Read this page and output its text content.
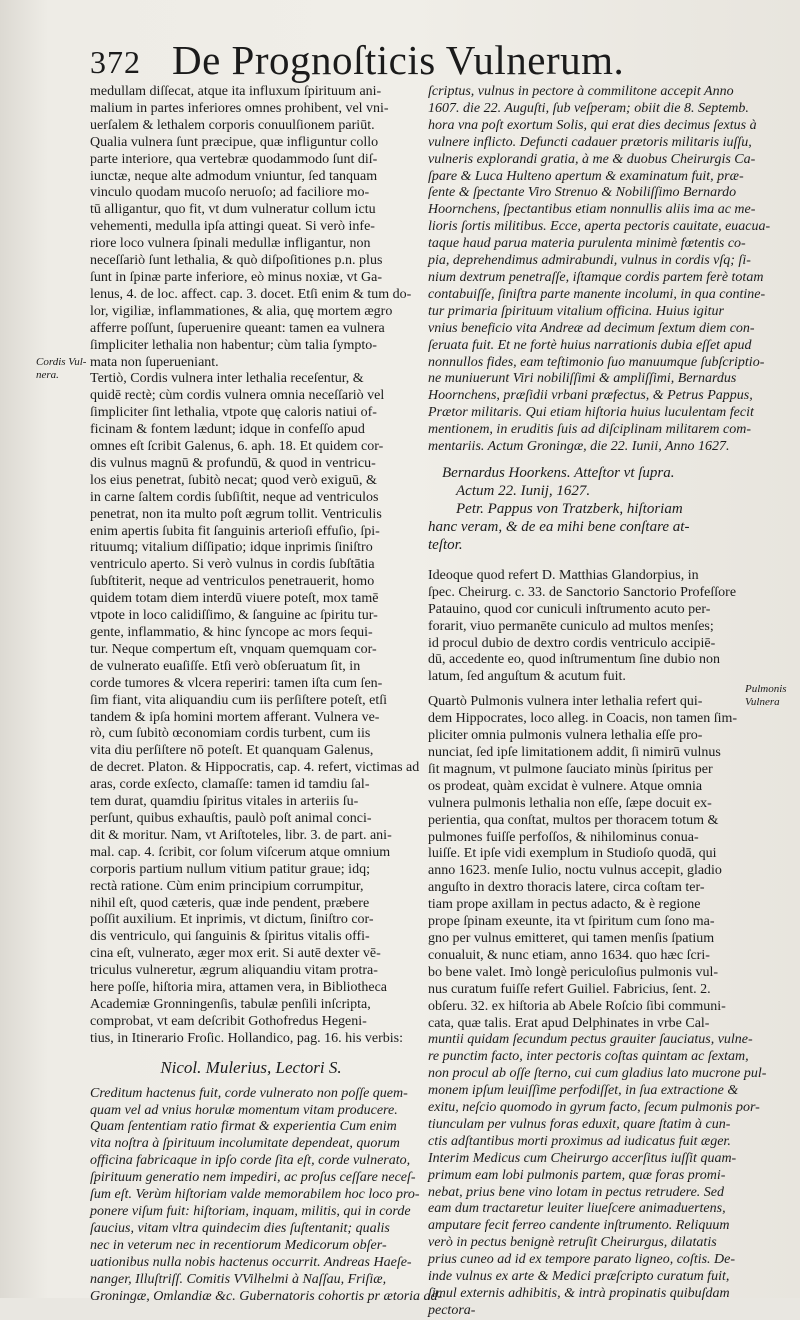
372 De Prognoſticis Vulnerum.
Cordis Vul-
nera.
Pulmonis
Vulnera
medullam diſſecat, atque ita influxum ſpirituum ani-
malium in partes inferiores omnes prohibent, vel vni-
uerſalem & lethalem corporis conuulſionem pariūt.
Qualia vulnera ſunt præcipue, quæ infliguntur collo
parte interiore, qua vertebræ quodammodo ſunt diſ-
iunctæ, neque alte admodum vniuntur, ſed tanquam
vinculo quodam mucoſo neruoſo; ad faciliore mo-
tū alligantur, quo fit, vt dum vulneratur collum ictu
vehementi, medulla ipſa attingi queat. Si verò infe-
riore loco vulnera ſpinali medullæ infligantur, non
neceſſariò ſunt lethalia, & quò diſpoſitiones p.n. plus
ſunt in ſpinæ parte inferiore, eò minus noxiæ, vt Ga-
lenus, 4. de loc. affect. cap. 3. docet. Etſi enim & tum do-
lor, vigiliæ, inflammationes, & alia, quę mortem ægro
afferre poſſunt, ſuperuenire queant: tamen ea vulnera
ſimpliciter lethalia non habentur; cùm talia ſympto-
mata non ſuperueniant.
Tertiò, Cordis vulnera inter lethalia receſentur, &
quidē rectè; cùm cordis vulnera omnia neceſſariò vel
ſimpliciter ſint lethalia, vtpote quę caloris natiui of-
ficinam & fontem lædunt; idque in confeſſo apud
omnes eſt ſcribit Galenus, 6. aph. 18. Et quidem cor-
dis vulnus magnū & profundū, & quod in ventricu-
los eius penetrat, ſubitò necat; quod verò exiguū, &
in carne ſaltem cordis ſubſiſtit, neque ad ventriculos
penetrat, non ita multo poſt ægrum tollit. Ventriculis
enim apertis ſubita fit ſanguinis arterioſi effuſio, ſpi-
rituumq; vitalium diſſipatio; idque inprimis ſiniſtro
ventriculo aperto. Si verò vulnus in cordis ſubſtātia
ſubſtiterit, neque ad ventriculos penetrauerit, homo
quidem totam diem interdū viuere poteſt, mox tamē
vtpote in loco calidiſſimo, & ſanguine ac ſpiritu tur-
gente, inflammatio, & hinc ſyncope ac mors ſequi-
tur. Neque compertum eſt, vnquam quemquam cor-
de vulnerato euaſiſſe. Etſi verò obſeruatum ſit, in
corde tumores & vlcera reperiri: tamen iſta cum ſen-
ſim fiant, vita aliquandiu cum iis perſiſtere poteſt, etſi
tandem & ipſa homini mortem afferant. Vulnera ve-
rò, cum ſubitò œconomiam cordis turbent, cum iis
vita diu perſiſtere nō poteſt. Et quanquam Galenus,
de decret. Platon. & Hippocratis, cap. 4. refert, victimas ad
aras, corde exſecto, clamaſſe: tamen id tamdiu ſal-
tem durat, quamdiu ſpiritus vitales in arteriis ſu-
perſunt, quibus exhauſtis, paulò poſt animal conci-
dit & moritur. Nam, vt Ariſtoteles, libr. 3. de part. ani-
mal. cap. 4. ſcribit, cor ſolum viſcerum atque omnium
corporis partium nullum vitium patitur graue; idq;
rectà ratione. Cùm enim principium corrumpitur,
nihil eſt, quod cæteris, quæ inde pendent, præbere
poſſit auxilium. Et inprimis, vt dictum, ſiniſtro cor-
dis ventriculo, qui ſanguinis & ſpiritus vitalis offi-
cina eſt, vulnerato, æger mox erit. Si autē dexter vē-
triculus vulneretur, ægrum aliquandiu vitam protra-
here poſſe, hiſtoria mira, attamen vera, in Bibliotheca
Academiæ Gronningenſis, tabulæ penſili inſcripta,
comprobat, vt eam deſcribit Gothofredus Hegeni-
tius, in Itinerario Froſic. Hollandico, pag. 16. his verbis:
Nicol. Mulerius, Lectori S.
Creditum hactenus fuit, corde vulnerato non poſſe quem-
quam vel ad vnius horulæ momentum vitam producere.
Quam ſententiam ratio firmat & experientia Cum enim
vita noſtra à ſpirituum incolumitate dependeat, quorum
officina fabricaque in ipſo corde ſita eſt, corde vulnerato,
ſpirituum generatio nem impediri, ac proſus ceſſare neceſ-
ſum eſt. Verùm hiſtoriam valde memorabilem hoc loco pro-
ponere viſum fuit: hiſtoriam, inquam, militis, qui in corde
ſaucius, vitam vltra quindecim dies ſuſtentanit; qualis
nec in veterum nec in recentiorum Medicorum obſer-
uationibus nulla nobis hactenus occurrit. Andreas Haeſe-
nanger, Illuſtriſſ. Comitis VVilhelmi à Naſſau, Friſiæ,
Groningæ, Omlandiæ &c. Gubernatoris cohortis pr ætoria ad-
ſcriptus, vulnus in pectore à commilitone accepit Anno
1607. die 22. Auguſti, ſub veſperam; obiit die 8. Septemb.
hora vna poſt exortum Solis, qui erat dies decimus ſextus à
vulnere inflicto. Defuncti cadauer prætoris militaris iuſſu,
vulneris explorandi gratia, à me & duobus Cheirurgis Ca-
ſpare & Luca Hulteno apertum & examinatum fuit, præ-
ſente & ſpectante Viro Strenuo & Nobiliſſimo Bernardo
Hoornchens, ſpectantibus etiam nonnullis aliis ima ac me-
lioris ſortis militibus. Ecce, aperta pectoris cauitate, euacua-
taque haud parua materia purulenta minimè fœtentis co-
pia, deprehendimus admirabundi, vulnus in cordis vſq; ſi-
nium dextrum penetraſſe, iſtamque cordis partem ferè totam
contabuiſſe, ſiniſtra parte manente incolumi, in qua contine-
tur primaria ſpirituum vitalium officina. Huius igitur
vnius beneficio vita Andreæ ad decimum ſextum diem con-
ſeruata fuit. Et ne fortè huius narrationis dubia eſſet apud
nonnullos fides, eam teſtimonio ſuo manuumque ſubſcriptio-
ne muniuerunt Viri nobiliſſimi & ampliſſimi, Bernardus
Hoornchens, præſidii vrbani præfectus, & Petrus Pappus,
Prætor militaris. Qui etiam hiſtoria huius luculentam fecit
mentionem, in eruditis ſuis ad diſciplinam militarem com-
mentariis. Actum Groningæ, die 22. Iunii, Anno 1627.
Bernardus Hoorkens. Atteſtor vt ſupra.
Actum 22. Iunij, 1627.
Petr. Pappus von Tratzberk, hiſtoriam
hanc veram, & de ea mihi bene conſtare at-
teſtor.
Ideoque quod refert D. Matthias Glandorpius, in
ſpec. Cheirurg. c. 33. de Sanctorio Sanctorio Profeſſore
Patauino, quod cor cuniculi inſtrumento acuto per-
forarit, viuo permanēte cuniculo ad multos menſes;
id procul dubio de dextro cordis ventriculo accipiē-
dū, accedente eo, quod inſtrumentum ſine dubio non
latum, ſed anguſtum & acutum fuit.
Quartò Pulmonis vulnera inter lethalia refert qui-
dem Hippocrates, loco alleg. in Coacis, non tamen ſim-
pliciter omnia pulmonis vulnera lethalia eſſe pro-
nunciat, ſed ipſe limitationem addit, ſi nimirū vulnus
ſit magnum, vt pulmone ſauciato minùs ſpiritus per
os prodeat, quàm excidat è vulnere. Atque omnia
vulnera pulmonis lethalia non eſſe, ſæpe docuit ex-
perientia, qua conſtat, multos per thoracem totum &
pulmones fuiſſe perfoſſos, & nihilominus conua-
luiſſe. Et ipſe vidi exemplum in Studioſo quodā, qui
anno 1623. menſe Iulio, noctu vulnus accepit, gladio
anguſto in dextro thoracis latere, circa coſtam ter-
tiam prope axillam in pectus adacto, & è regione
prope ſpinam exeunte, ita vt ſpiritum cum ſono ma-
gno per vulnus emitteret, qui tamen menſis ſpatium
conualuit, & nunc etiam, anno 1634. quo hæc ſcri-
bo bene valet. Imò longè periculoſius pulmonis vul-
nus curatum fuiſſe refert Guiliel. Fabricius, ſent. 2.
obſeru. 32. ex hiſtoria ab Abele Roſcio ſibi communi-
cata, quæ talis. Erat apud Delphinates in vrbe Cal-
muntii quidam ſecundum pectus grauiter ſauciatus, vulne-
re punctim facto, inter pectoris coſtas quintam ac ſextam,
non procul ab oſſe ſterno, cui cum gladius lato mucrone pul-
monem ipſum leuiſſime perfodiſſet, in ſua extractione &
exitu, neſcio quomodo in gyrum facto, ſecum pulmonis por-
tiunculam per vulnus foras eduxit, quare ſtatim à cun-
ctis adſtantibus morti proximus ad iudicatus fuit æger.
Interim Medicus cum Cheirurgo accerſitus iuſſit quam-
primum eam lobi pulmonis partem, quæ foras promi-
nebat, prius bene vino lotam in pectus retrudere. Sed
eam dum tractaretur leuiter liueſcere animaduertens,
amputare fecit ferreo candente inſtrumento. Reliquum
verò in pectus benignè retruſit Cheirurgus, dilatatis
prius cuneo ad id ex tempore parato ligneo, coſtis. De-
inde vulnus ex arte & Medici præſcripto curatum fuit,
ſimul externis adhibitis, & intrà propinatis quibuſdam
pectora-
